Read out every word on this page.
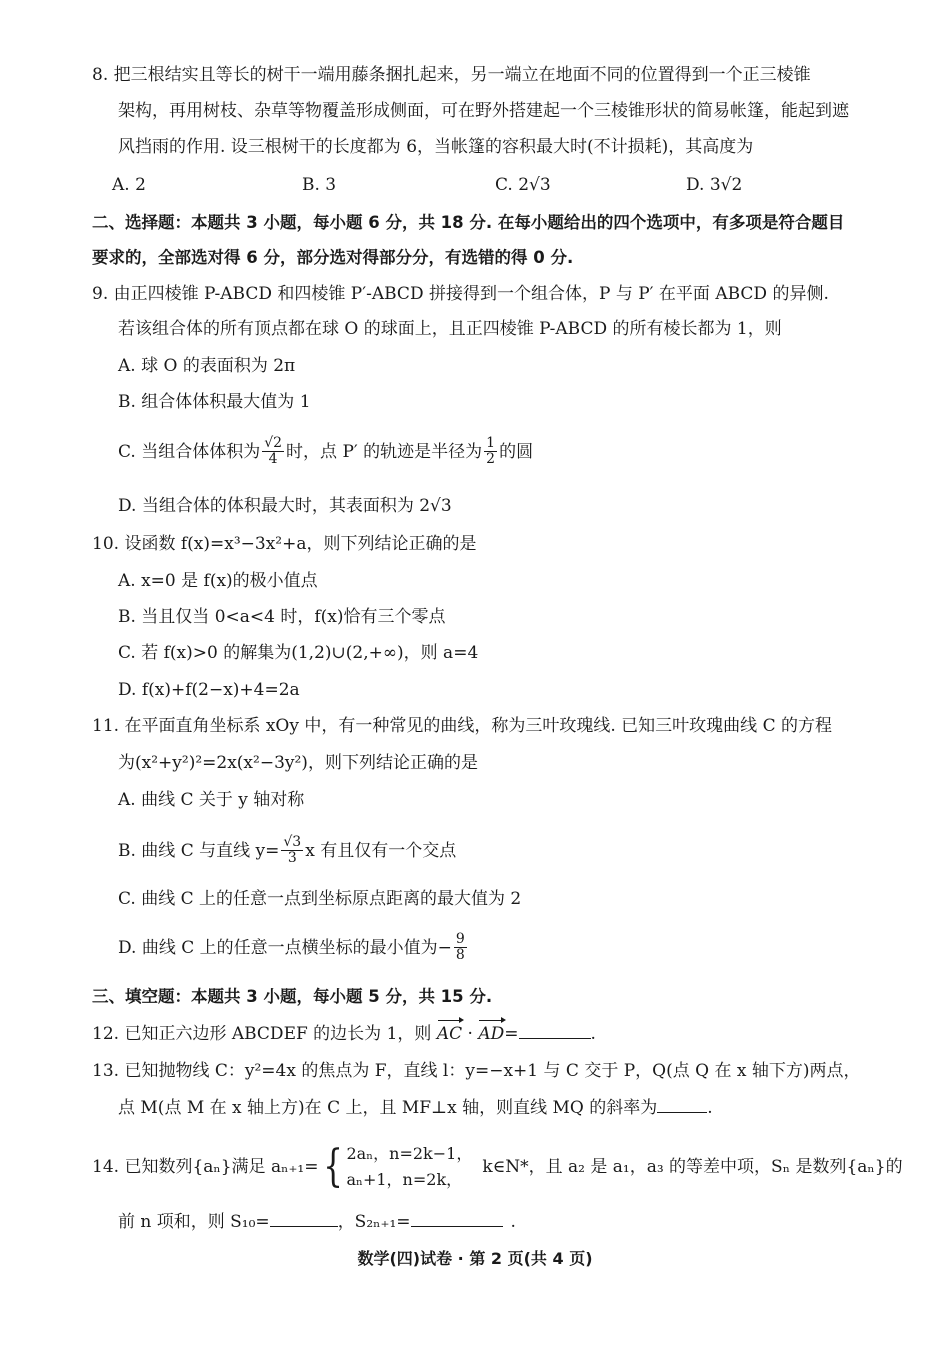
8. 把三根结实且等长的树干一端用藤条捆扎起来，另一端立在地面不同的位置得到一个正三棱锥
架构，再用树枝、杂草等物覆盖形成侧面，可在野外搭建起一个三棱锥形状的简易帐篷，能起到遮
风挡雨的作用. 设三根树干的长度都为 6，当帐篷的容积最大时(不计损耗)，其高度为
A. 2	B. 3	C. 2√3	D. 3√2
二、选择题：本题共 3 小题，每小题 6 分，共 18 分. 在每小题给出的四个选项中，有多项是符合题目
要求的，全部选对得 6 分，部分选对得部分分，有选错的得 0 分.
9. 由正四棱锥 P-ABCD 和四棱锥 P′-ABCD 拼接得到一个组合体，P 与 P′ 在平面 ABCD 的异侧.
若该组合体的所有顶点都在球 O 的球面上，且正四棱锥 P-ABCD 的所有棱长都为 1，则
A. 球 O 的表面积为 2π
B. 组合体体积最大值为 1
C. 当组合体体积为 $\frac{√2}{4}$ 时，点 P′ 的轨迹是半径为 $\frac{1}{2}$ 的圆
D. 当组合体的体积最大时，其表面积为 2√3
10. 设函数 f(x)=x³−3x²+a，则下列结论正确的是
A. x=0 是 f(x)的极小值点
B. 当且仅当 0<a<4 时，f(x)恰有三个零点
C. 若 f(x)>0 的解集为(1,2)∪(2,+∞)，则 a=4
D. f(x)+f(2−x)+4=2a
11. 在平面直角坐标系 xOy 中，有一种常见的曲线，称为三叶玫瑰线. 已知三叶玫瑰曲线 C 的方程
为(x²+y²)²=2x(x²−3y²)，则下列结论正确的是
A. 曲线 C 关于 y 轴对称
B. 曲线 C 与直线 $y= \frac{√3}{3}$ x 有且仅有一个交点
C. 曲线 C 上的任意一点到坐标原点距离的最大值为 2
D. 曲线 C 上的任意一点横坐标的最小值为− $\frac{9}{8}$
三、填空题：本题共 3 小题，每小题 5 分，共 15 分.
12. 已知正六边形 ABCDEF 的边长为 1，则 AC · AD=	.
13. 已知抛物线 C：y²=4x 的焦点为 F，直线 l：y=−x+1 与 C 交于 P，Q(点 Q 在 x 轴下方)两点，
点 M(点 M 在 x 轴上方)在 C 上，且 MF⊥x 轴，则直线 MQ 的斜率为	.
14. 已知数列{aₙ}满足 aₙ₊₁={ 2aₙ，n=2k−1，
aₙ+1，n=2k，
k∈N*，且 a₂ 是 a₁，a₃ 的等差中项，Sₙ 是数列{aₙ}的
前 n 项和，则 S₁₀=	，S₂ₙ₊₁=	.
数学(四)试卷 · 第 2 页(共 4 页)
